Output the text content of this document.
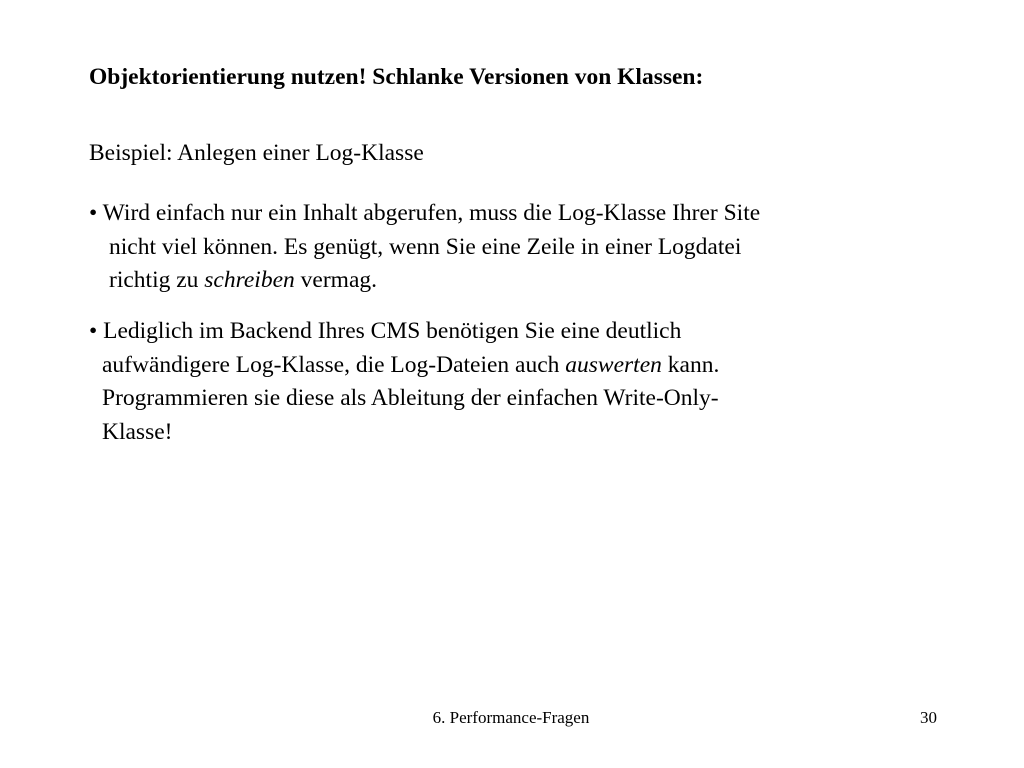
Objektorientierung nutzen! Schlanke Versionen von Klassen:
Beispiel: Anlegen einer Log-Klasse
• Wird einfach nur ein Inhalt abgerufen, muss die Log-Klasse Ihrer Site
nicht viel können. Es genügt, wenn Sie eine Zeile in einer Logdatei
richtig zu schreiben vermag.
• Lediglich im Backend Ihres CMS benötigen Sie eine deutlich
aufwändigere Log-Klasse, die Log-Dateien auch auswerten kann.
Programmieren sie diese als Ableitung der einfachen Write-Only-
Klasse!
6. Performance-Fragen	30
